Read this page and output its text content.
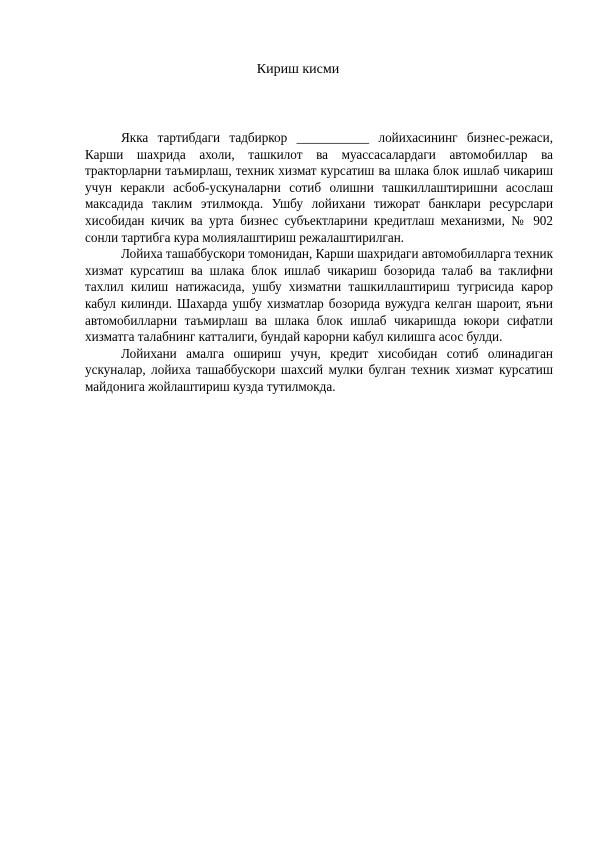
Кириш кисми

Якка тартибдаги тадбиркор ___________ лойихасининг бизнес-режаси, Карши шахрида ахоли, ташкилот ва муассасалардаги автомобиллар ва тракторларни таъмирлаш, техник хизмат курсатиш ва шлака блок ишлаб чикариш учун керакли асбоб-ускуналарни сотиб олишни ташкиллаштиришни асослаш максадида таклим этилмокда. Ушбу лойихани тижорат банклари ресурслари хисобидан кичик ва урта бизнес субъектларини кредитлаш механизми, № 902 сонли тартибга кура молиялаштириш режалаштирилган.

Лойиха ташаббускори томонидан, Карши шахридаги автомобилларга техник хизмат курсатиш ва шлака блок ишлаб чикариш бозорида талаб ва таклифни тахлил килиш натижасида, ушбу хизматни ташкиллаштириш тугрисида карор кабул килинди. Шахарда ушбу хизматлар бозорида вужудга келган шароит, яъни автомобилларни таъмирлаш ва шлака блок ишлаб чикаришда юкори сифатли хизматга талабнинг катталиги, бундай карорни кабул килишга асос булди.

Лойихани амалга ошириш учун, кредит хисобидан сотиб олинадиган ускуналар, лойиха ташаббускори шахсий мулки булган техник хизмат курсатиш майдонига жойлаштириш кузда тутилмокда.
